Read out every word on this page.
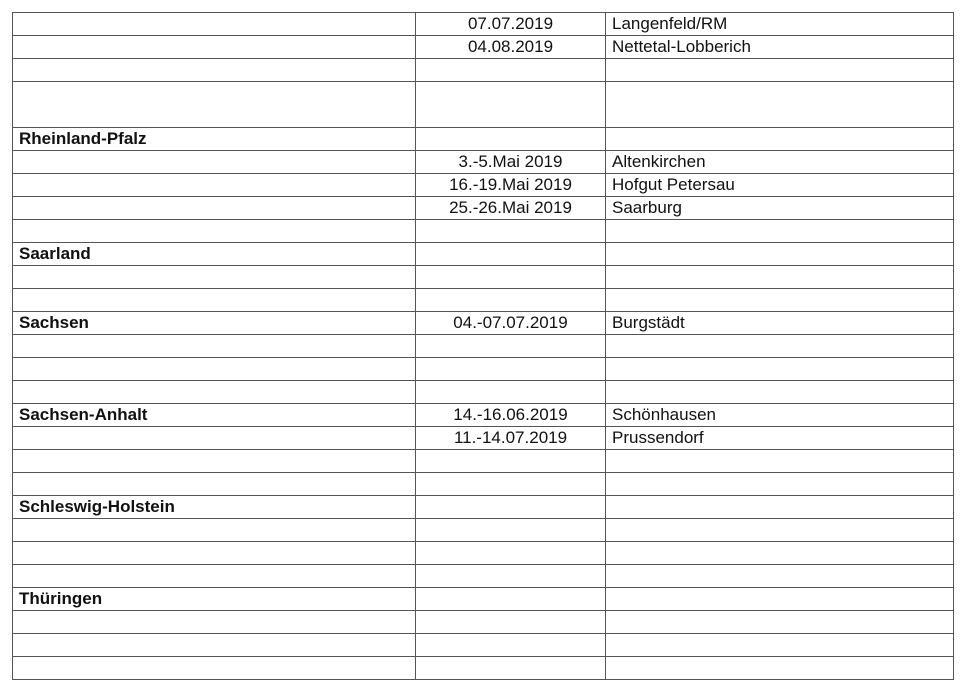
	07.07.2019	Langenfeld/RM
	04.08.2019	Nettetal-Lobberich

Rheinland-Pfalz		
	3.-5.Mai 2019	Altenkirchen
	16.-19.Mai 2019	Hofgut Petersau
	25.-26.Mai 2019	Saarburg

Saarland		

Sachsen	04.-07.07.2019	Burgstädt

Sachsen-Anhalt	14.-16.06.2019	Schönhausen
	11.-14.07.2019	Prussendorf

Schleswig-Holstein		

Thüringen		
